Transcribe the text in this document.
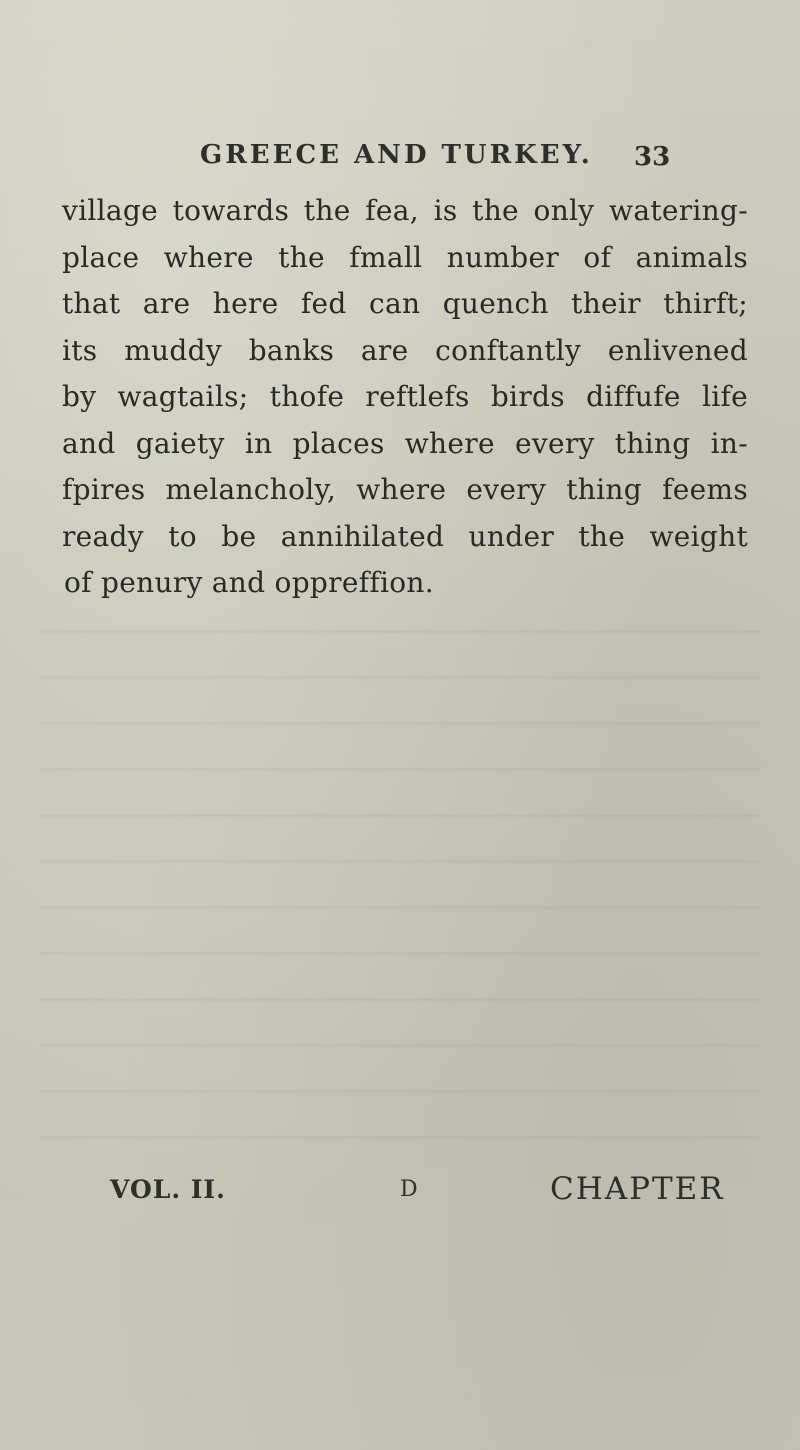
GREECE AND TURKEY.	33
village towards the fea, is the only watering-
place where the fmall number of animals
that are here fed can quench their thirft;
its muddy banks are conftantly enlivened
by wagtails; thofe reftlefs birds diffufe life
and gaiety in places where every thing in-
fpires melancholy, where every thing feems
ready to be annihilated under the weight
of penury and oppreffion.
VOL. II.	D	CHAPTER
